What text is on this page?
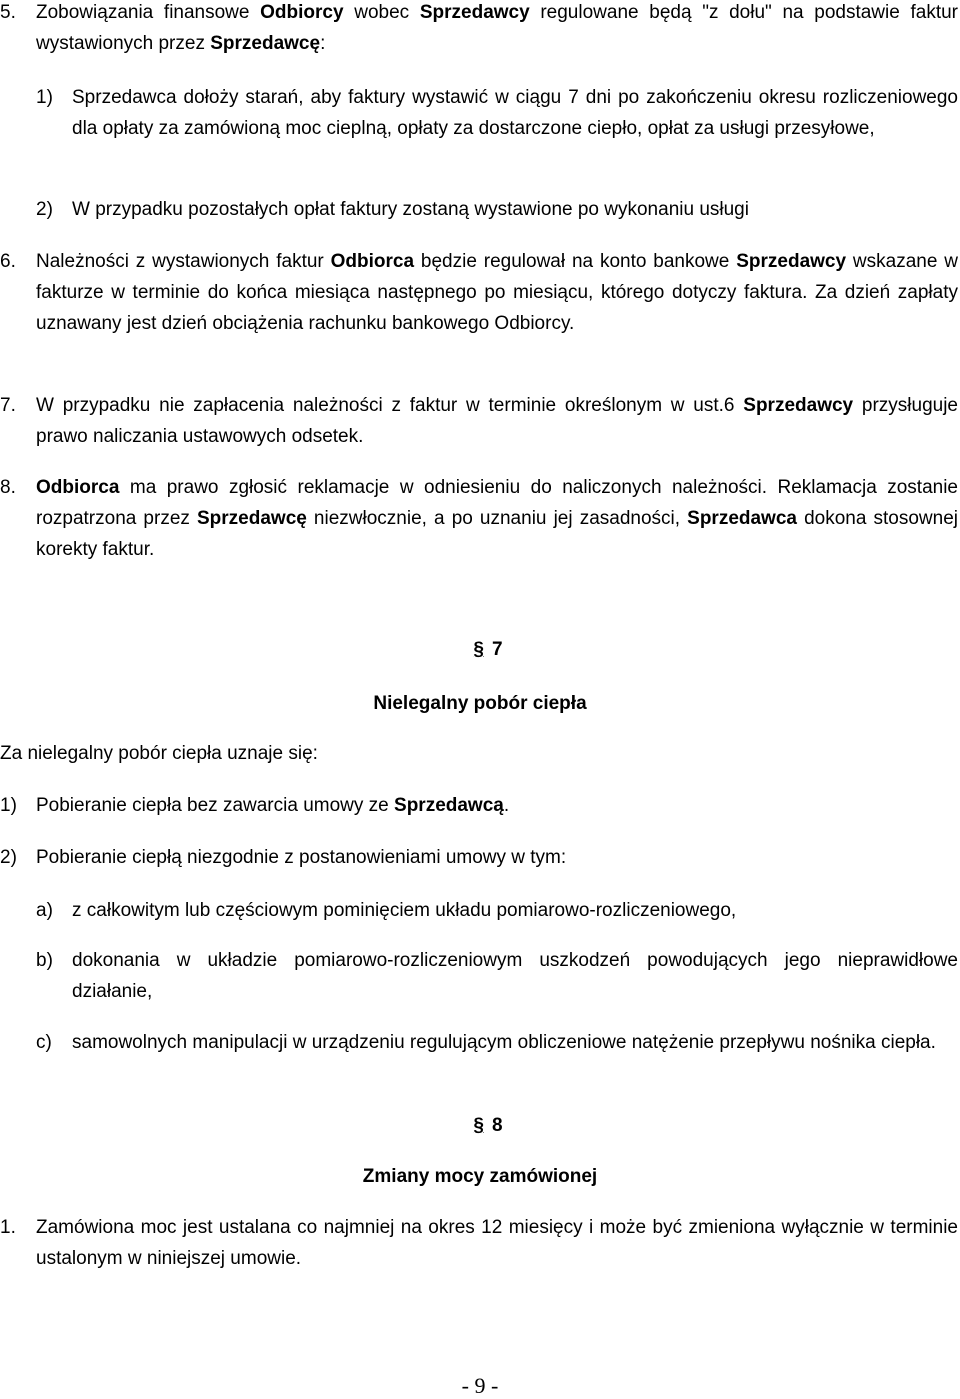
5. Zobowiązania finansowe Odbiorcy wobec Sprzedawcy regulowane będą "z dołu" na podstawie faktur wystawionych przez Sprzedawcę:

1) Sprzedawca dołoży starań, aby faktury wystawić w ciągu 7 dni po zakończeniu okresu rozliczeniowego dla opłaty za zamówioną moc cieplną, opłaty za dostarczone ciepło, opłat za usługi przesyłowe,

2) W przypadku pozostałych opłat faktury zostaną wystawione po wykonaniu usługi

6. Należności z wystawionych faktur Odbiorca będzie regulował na konto bankowe Sprzedawcy wskazane w fakturze w terminie do końca miesiąca następnego po miesiącu, którego dotyczy faktura. Za dzień zapłaty uznawany jest dzień obciążenia rachunku bankowego Odbiorcy.

7. W przypadku nie zapłacenia należności z faktur w terminie określonym w ust.6 Sprzedawcy przysługuje prawo naliczania ustawowych odsetek.

8. Odbiorca ma prawo zgłosić reklamacje w odniesieniu do naliczonych należności. Reklamacja zostanie rozpatrzona przez Sprzedawcę niezwłocznie, a po uznaniu jej zasadności, Sprzedawca dokona stosownej korekty faktur.

§ 7
Nielegalny pobór ciepła

Za nielegalny pobór ciepła uznaje się:

1) Pobieranie ciepła bez zawarcia umowy ze Sprzedawcą.

2) Pobieranie ciepłą niezgodnie z postanowieniami umowy w tym:

a) z całkowitym lub częściowym pominięciem układu pomiarowo-rozliczeniowego,

b) dokonania w układzie pomiarowo-rozliczeniowym uszkodzeń powodujących jego nieprawidłowe działanie,

c) samowolnych manipulacji w urządzeniu regulującym obliczeniowe natężenie przepływu nośnika ciepła.

§ 8
Zmiany mocy zamówionej
1. Zamówiona moc jest ustalana co najmniej na okres 12 miesięcy i może być zmieniona wyłącznie w terminie ustalonym w niniejszej umowie.

- 9 -
